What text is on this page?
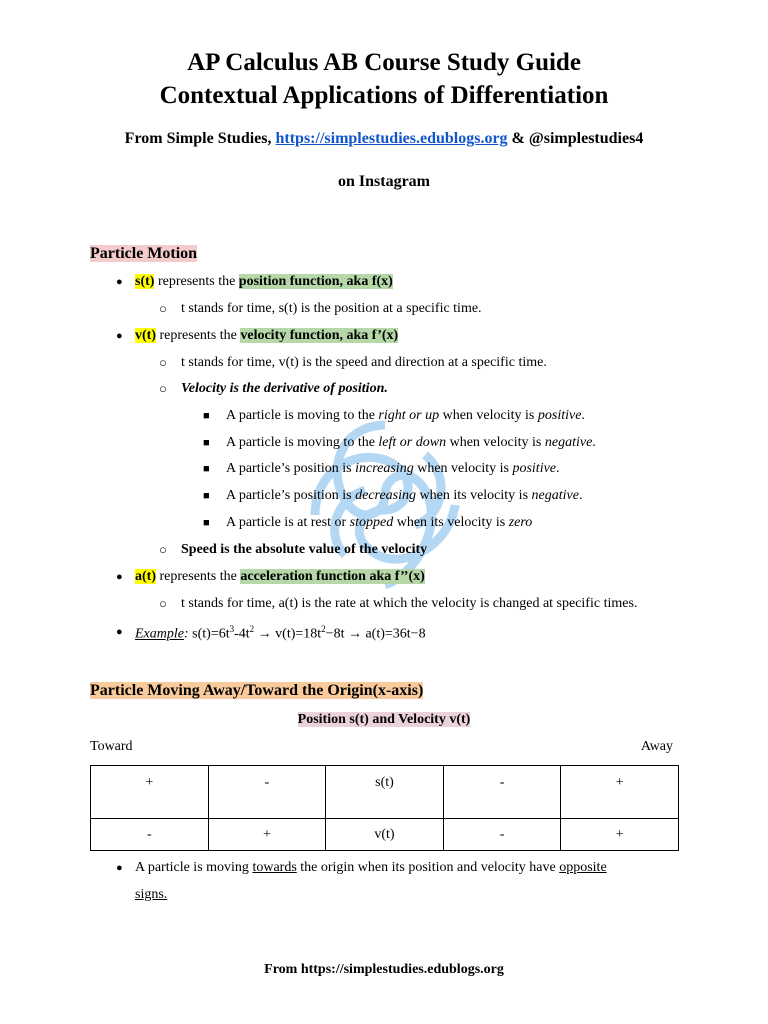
AP Calculus AB Course Study Guide
Contextual Applications of Differentiation
From Simple Studies, https://simplestudies.edublogs.org & @simplestudies4
on Instagram
Particle Motion
● s(t) represents the position function, aka f(x)
○ t stands for time, s(t) is the position at a specific time.
● v(t) represents the velocity function, aka f’(x)
○ t stands for time, v(t) is the speed and direction at a specific time.
○ Velocity is the derivative of position.
■ A particle is moving to the right or up when velocity is positive.
■ A particle is moving to the left or down when velocity is negative.
■ A particle’s position is increasing when velocity is positive.
■ A particle’s position is decreasing when its velocity is negative.
■ A particle is at rest or stopped when its velocity is zero
○ Speed is the absolute value of the velocity
● a(t) represents the acceleration function aka f’’(x)
○ t stands for time, a(t) is the rate at which the velocity is changed at specific times.
● Example: $s(t)=6t^3-4t^2 \to v(t)=18t^2-8t \to a(t)=36t-8$
Particle Moving Away/Toward the Origin(x-axis)
Position s(t) and Velocity v(t)
Toward	Away
+	-	s(t)	-	+
-	+	v(t)	-	+
● A particle is moving towards the origin when its position and velocity have opposite
signs.
From https://simplestudies.edublogs.org
